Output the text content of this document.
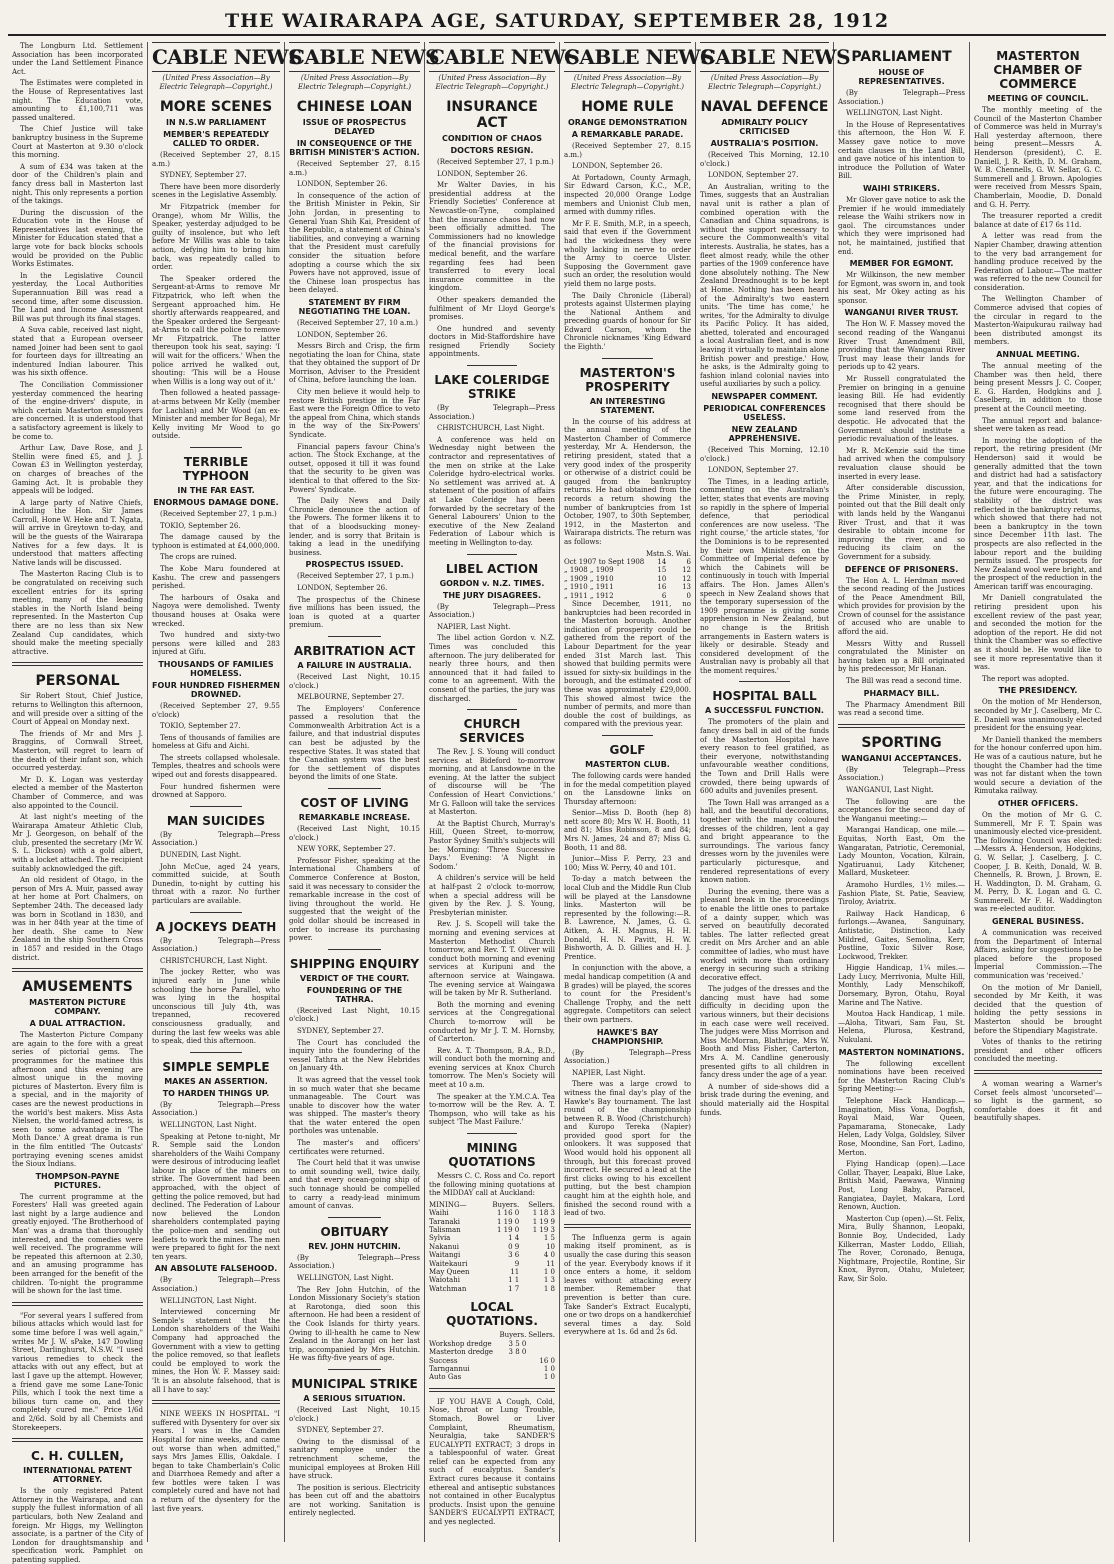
THE WAIRARAPA AGE, SATURDAY, SEPTEMBER 28, 1912

The Longburn Ltd. Settlement Association has been incorporated under the Land Settlement Finance Act.

The Estimates were completed in the House of Representatives last night. The Education vote, amounting to £1,100,711 was passed unaltered.

The Chief Justice will take bankruptcy business in the Supreme Court at Masterton at 9.30 o'clock this morning.

A sum of £34 was taken at the door of the Children's plain and fancy dress ball in Masterton last night. This only represents a portion of the takings.

During the discussion of the Education vote in the House of Representatives last evening, the Minister for Education stated that a large vote for back blocks schools would be provided on the Public Works Estimates.

In the Legislative Council yesterday, the Local Authorities Superannuation Bill was read a second time, after some discussion. The Land and Income Assessment Bill was put through its final stages.

A Suva cable, received last night, stated that a European overseer named Joiner had been sent to gaol for fourteen days for illtreating an indentured Indian labourer. This was his sixth offence.

The Conciliation Commissioner yesterday commenced the hearing of the engine-drivers' dispute, in which certain Masterton employers are concerned. It is understood that a satisfactory agreement is likely to be come to.

Arthur Law, Dave Rose, and J. Stellin were fined £5, and J. J. Cowan £3 in Wellington yesterday, on charges of breaches of the Gaming Act. It is probable they appeals will be lodged.

A large party of Native Chiefs, including the Hon. Sir James Carroll, Hone W. Heke and T. Ngata, will arrive in Greytown to-day, and will be the guests of the Wairarapa Natives for a few days. It is understood that matters affecting Native lands will be discussed.

The Masterton Racing Club is to be congratulated on receiving such excellent entries for its spring meeting, many of the leading stables in the North Island being represented. In the Masterton Cup there are no less than six New Zealand Cup candidates, which should make the meeting specially attractive.

PERSONAL

Sir Robert Stout, Chief Justice, returns to Wellington this afternoon, and will preside over a sitting of the Court of Appeal on Monday next.

The friends of Mr and Mrs J. Braggins, of Cornwall Street, Masterton, will regret to learn of the death of their infant son, which occurred yesterday.

Mr D. K. Logan was yesterday elected a member of the Masterton Chamber of Commerce, and was also appointed to the Council.

At last night's meeting of the Wairarapa Amateur Athletic Club, Mr J. Georgeson, on behalf of the club, presented the secretary (Mr W. S. L. Dickson) with a gold albert, with a locket attached. The recipient suitably acknowledged the gift.

An old resident of Otago, in the person of Mrs A. Muir, passed away at her home at Port Chalmers, on September 24th. The deceased lady was born in Scotland in 1830, and was in her 84th year at the time of her death. She came to New Zealand in the ship Southern Cross in 1857 and resided in the Otago district.

AMUSEMENTS
MASTERTON PICTURE COMPANY.
A DUAL ATTRACTION.

The Masterton Picture Company are again to the fore with a great series of pictorial gems. The programmes for the matinee this afternoon and this evening are almost unique in the moving pictures of Masterton. Every film is a special, and in the majority of cases are the newest productions in the world's best makers. Miss Asta Nielsen, the world-famed actress, is seen to some advantage in 'The Moth Dance.' A great drama is run in the film entitled 'The Outcasts' portraying evening scenes amidst the Sioux Indians.

THOMPSON-PAYNE PICTURES.

The current programme at the Foresters' Hall was greeted again last night by a large audience and greatly enjoyed. 'The Brotherhood of Man' was a drama that thoroughly interested, and the comedies were well received. The programme will be repeated this afternoon at 2.30, and an amusing programme has been arranged for the benefit of the children. To-night the programme will be shown for the last time.

"For several years I suffered from bilious attacks which would last for some time before I was well again," writes Mr J. W. sPake, 147 Dowling Street, Darlinghurst, N.S.W. "I used various remedies to check the attacks with out any effect, but at last I gave up the attempt. However, a friend gave me some Lane-Tonic Pills, which I took the next time a bilious turn came on, and they completely cured me." Price 1/6d and 2/6d. Sold by all Chemists and Storekeepers.

C. H. CULLEN,
INTERNATIONAL PATENT ATTORNEY.

Is the only registered Patent Attorney in the Wairarapa, and can supply the fullest information of all particulars, both New Zealand and foreign. Mr Higgs, my Wellington associate, is a partner of the City of London for draughtsmanship and specification work. Pamphlet on patenting supplied.

CABLE NEWS
(United Press Association—By Electric Telegraph—Copyright.)
MORE SCENES
IN N.S.W PARLIAMENT
MEMBER'S REPEATEDLY CALLED TO ORDER.

(Received September 27, 8.15 a.m.)

SYDNEY, September 27.

There have been more disorderly scenes in the Legislative Assembly.

Mr Fitzpatrick (member for Orange), whom Mr Willis, the Speaker, yesterday adjudged to be guilty of insolence, but who left before Mr Willis was able to take action, defying him to bring him back, was repeatedly called to order.

The Speaker ordered the Sergeant-at-Arms to remove Mr Fitzpatrick, who left when the Sergeant approached him. He shortly afterwards reappeared, and the Speaker ordered the Sergeant-at-Arms to call the police to remove Mr Fitzpatrick. The latter thereupon took his seat, saying: 'I will wait for the officers.' When the police arrived he walked out, shouting: 'This will be a House when Willis is a long way out of it.'

Then followed a heated passage-at-arms between Mr Kelly (member for Lachlan) and Mr Wood (an ex-Minister and member for Bega), Mr Kelly inviting Mr Wood to go outside.

TERRIBLE TYPHOON
IN THE FAR EAST.
ENORMOUS DAMAGE DONE.

(Received September 27, 1 p.m.)

TOKIO, September 26.

The damage caused by the typhoon is estimated at £4,000,000.

The crops are ruined.

The Kobe Maru foundered at Kashu. The crew and passengers perished.

The harbours of Osaka and Nagoya were demolished. Twenty thousand houses at Osaka were wrecked.

Two hundred and sixty-two persons were killed and 283 injured at Gifu.

THOUSANDS OF FAMILIES HOMELESS.
FOUR HUNDRED FISHERMEN DROWNED.

(Received September 27, 9.55 o'clock)

TOKIO, September 27.

Tens of thousands of families are homeless at Gifu and Aichi.

The streets collapsed wholesale. Temples, theatres and schools were wiped out and forests disappeared.

Four hundred fishermen were drowned at Sapporo.

MAN SUICIDES

(By Telegraph—Press Association.)

DUNEDIN, Last Night.

John McCue, aged 24 years, committed suicide, at South Dunedin, to-night by cutting his throat with a razor. No further particulars are available.

A JOCKEYS DEATH

(By Telegraph—Press Association.)

CHRISTCHURCH, Last Night.

The jockey Retter, who was injured early in June while schooling the horse Parallel, who was lying in the hospital unconscious till July 4th, was trepanned, recovered consciousness gradually, and during the last few weeks was able to speak, died this afternoon.

SIMPLE SEMPLE
MAKES AN ASSERTION.
TO HARDEN THINGS UP.

(By Telegraph—Press Association.)

WELLINGTON, Last Night.

Speaking at Petone to-night, Mr R. Semple said the London shareholders of the Waihi Company were desirous of introducing leaflet labour in place of the miners on strike. The Government had been approached, with the object of getting the police removed, but had declined. The Federation of Labour now believed the London shareholders contemplated paying the police-men and sending out leaflets to work the mines. The men were prepared to fight for the next ten years.

AN ABSOLUTE FALSEHOOD.

(By Telegraph—Press Association.)

WELLINGTON, Last Night.

Interviewed concerning Mr Semple's statement that the London shareholders of the Waihi Company had approached the Government with a view to getting the police removed, so that leaflets could be employed to work the mines, the Hon W. F. Massey said: 'It is an absolute falsehood, that is all I have to say.'

NINE WEEKS IN HOSPITAL. "I suffered with Dysentery for over six years. I was in the Camden Hospital for nine weeks, and came out worse than when admitted," says Mrs James Ellis, Oakdale. I began to take Chamberlain's Colic and Diarrhoea Remedy and after a few bottles were taken I was completely cured and have not had a return of the dysentery for the last five years.

CABLE NEWS
(United Press Association—By Electric Telegraph—Copyright.)
CHINESE LOAN
ISSUE OF PROSPECTUS DELAYED
IN CONSEQUENCE OF THE BRITISH MINISTER'S ACTION.

(Received September 27, 8.15 a.m.)

LONDON, September 26.

In consequence of the action of the British Minister in Pekin, Sir John Jordan, in presenting to General Yuan Shih Kai, President of the Republic, a statement of China's liabilities, and conveying a warning that the President must carefully consider the situation before adopting a course which the six Powers have not approved, issue of the Chinese loan prospectus has been delayed.

STATEMENT BY FIRM NEGOTIATING THE LOAN.

(Received September 27, 10 a.m.)

LONDON, September 26.

Messrs Birch and Crisp, the firm negotiating the loan for China, state that they obtained the support of Dr Morrison, Adviser to the President of China, before launching the loan.

City men believe it would help to restore British prestige in the Far East were the Foreign Office to veto the appeal from China, which stands in the way of the Six-Powers' Syndicate.

Financial papers favour China's action. The Stock Exchange, at the outset, opposed it till it was found that the security to be given was identical to that offered to the Six-Powers' Syndicate.

The Daily News and Daily Chronicle denounce the action of the Powers. The former likens it to that of a bloodsucking money-lender, and is sorry that Britain is taking a lead in the unedifying business.

PROSPECTUS ISSUED.

(Received September 27, 1 p.m.)

LONDON, September 26.

The prospectus of the Chinese five millions has been issued, the loan is quoted at a quarter premium.

ARBITRATION ACT
A FAILURE IN AUSTRALIA.

(Received Last Night, 10.15 o'clock.)

MELBOURNE, September 27.

The Employers' Conference passed a resolution that the Commonwealth Arbitration Act is a failure, and that industrial disputes can best be adjusted by the respective States. It was stated that the Canadian system was the best for the settlement of disputes beyond the limits of one State.

COST OF LIVING
REMARKABLE INCREASE.

(Received Last Night, 10.15 o'clock.)

NEW YORK, September 27.

Professor Fisher, speaking at the International Chambers of Commerce Conference at Boston, said it was necessary to consider the remarkable increase in the cost of living throughout the world. He suggested that the weight of the gold dollar should be increased in order to increase its purchasing power.

SHIPPING ENQUIRY
VERDICT OF THE COURT.
FOUNDERING OF THE TATHRA.

(Received Last Night, 10.15 o'clock.)

SYDNEY, September 27.

The Court has concluded the inquiry into the foundering of the vessel Tathra at the New Hebrides on January 4th.

It was agreed that the vessel took in so much water that she became unmanageable. The Court was unable to discover how the water was shipped. The master's theory that the water entered the open portholes was untenable.

The master's and officers' certificates were returned.

The Court held that it was unwise to omit sounding well, twice daily, and that every ocean-going ship of such tonnage should be compelled to carry a ready-lead minimum amount of canvas.

OBITUARY
REV. JOHN HUTCHIN.

(By Telegraph—Press Association.)

WELLINGTON, Last Night.

The Rev John Hutchin, of the London Missionary Society's station at Rarotonga, died soon this afternoon. He had been a resident of the Cook Islands for thirty years. Owing to ill-health he came to New Zealand in the Aorangi on her last trip, accompanied by Mrs Hutchin. He was fifty-five years of age.

MUNICIPAL STRIKE
A SERIOUS SITUATION.

(Received Last Night, 10.15 o'clock.)

SYDNEY, September 27.

Owing to the dismissal of a sanitary employee under the retrenchment scheme, the municipal employees at Broken Hill have struck.

The position is serious. Electricity has been cut off and the abattoirs are not working. Sanitation is entirely neglected.

CABLE NEWS
(United Press Association—By Electric Telegraph—Copyright.)
INSURANCE ACT
CONDITION OF CHAOS
DOCTORS RESIGN.

(Received September 27, 1 p.m.)

LONDON, September 26.

Mr Walter Davies, in his presidential address at the Friendly Societies' Conference at Newcastle-on-Tyne, complained that the insurance chaos had now been officially admitted. The Commissioners had no knowledge of the financial provisions for medical benefit, and the warfare regarding fees had been transferred to every local insurance committee in the kingdom.

Other speakers demanded the fulfilment of Mr Lloyd George's promises.

One hundred and seventy doctors in Mid-Staffordshire have resigned Friendly Society appointments.

LAKE COLERIDGE STRIKE

(By Telegraph—Press Association.)

CHRISTCHURCH, Last Night.

A conference was held on Wednesday night between the contractor and representatives of the men on strike at the Lake Coleridge hydro-electrical works. No settlement was arrived at. A statement of the position of affairs at Lake Coleridge has been forwarded by the secretary of the General Labourers' Union to the executive of the New Zealand Federation of Labour which is meeting in Wellington to-day.

LIBEL ACTION
GORDON v. N.Z. TIMES.
THE JURY DISAGREES.

(By Telegraph—Press Association.)

NAPIER, Last Night.

The libel action Gordon v. N.Z. Times was concluded this afternoon. The jury deliberated for nearly three hours, and then announced that it had failed to come to an agreement. With the consent of the parties, the jury was discharged.

CHURCH SERVICES

The Rev. J. S. Young will conduct services at Bideford to-morrow morning, and at Lansdowne in the evening. At the latter the subject of discourse will be 'The Confession of Heart Convictions.' Mr G. Falloon will take the services at Masterton.

At the Baptist Church, Murray's Hill, Queen Street, to-morrow, Pastor Sydney Smith's subjects will be: Morning: 'Three Successive Days.' Evening: 'A Night in Sodom.'

A children's service will be held at half-past 2 o'clock to-morrow, when a special address will be given by the Rev. J. S. Young, Presbyterian minister.

Rev. J. S. Scopell will take the morning and evening services at Masterton Methodist Church tomorrow, and Rev. T. T. Oliver will conduct both morning and evening services at Kuripuni and the afternoon service at Waingawa. The evening service at Waingawa will be taken by Mr R. Sutherland.

Both the morning and evening services at the Congregational Church to-morrow will be conducted by Mr J. T. M. Hornsby, of Carterton.

Rev. A. T. Thompson, B.A., B.D., will conduct both the morning and evening services at Knox Church tomorrow. The Men's Society will meet at 10 a.m.

The speaker at the Y.M.C.A. Tea to-morrow will be the Rev. A. T. Thompson, who will take as his subject 'The Mast Failure.'

MINING QUOTATIONS

Messrs C. C. Ross and Co. report the following mining quotations at the MIDDAY call at Auckland:

MINING—	Buyers.	Sellers.
Waihi	1 16 0	1 18 3
Taranaki	1 19 0	1 19 9
Talisman	1 19 0	1 19 3
Sylvia	1 4	1 5
Nakanui	0 9	10
Waitangi	3 6	4 0
Waitekauri	9	11
May Queen	11	1 0
Waiotahi	1 1	1 3
Watchman	1 7	1 8
LOCAL QUOTATIONS.
	Buyers.	Sellers.
Workshop dredge	3 5 0	
Masterton dredge	3 8 0	
Success		16 0
Tarngannui		1 0
Auto Gas		1 0

IF YOU HAVE A Cough, Cold, Nose, throat or Lung Trouble, Stomach, Bowel or Liver Complaint, Rheumatism, Neuralgia, take SANDER'S EUCALYPTI EXTRACT; 3 drops in a tablespoonful of water. Great relief can be expected from any such of eucalyptus. Sander's Extract cures because it contains ethereal and antiseptic substances not contained in other Eucalyptus products. Insist upon the genuine SANDER'S EUCALYPTI EXTRACT, and yes neglected.

CABLE NEWS
(United Press Association—By Electric Telegraph—Copyright.)
HOME RULE
ORANGE DEMONSTRATION
A REMARKABLE PARADE.

(Received September 27, 8.15 a.m.)

LONDON, September 26.

At Portadown, County Armagh, Sir Edward Carson, K.C., M.P., inspected 20,000 Orange Lodge members and Unionist Club men, armed with dummy rifles.

Mr F. E. Smith, M.P., in a speech, said that even if the Government had the wickedness they were wholly lacking in nerve to order the Army to coerce Ulster. Supposing the Government gave such an order, the resolution would yield them no large posts.

The Daily Chronicle (Liberal) protests against Ulstermen playing the National Anthem and preceding guards of honour for Sir Edward Carson, whom the Chronicle nicknames 'King Edward the Eighth.'

MASTERTON'S PROSPERITY
AN INTERESTING STATEMENT.

In the course of his address at the annual meeting of the Masterton Chamber of Commerce yesterday, Mr A. Henderson, the retiring president, stated that a very good index of the prosperity or otherwise of a district could be gauged from the bankruptcy returns. He had obtained from the records a return showing the number of bankruptcies from 1st October, 1907, to 30th September, 1912, in the Masterton and Wairarapa districts. The return was as follows:

	Mstn.	S. Wai.
Oct 1907 to Sept 1908	14	6
„ 1908 „ 1909	15	12
„ 1909 „ 1910	10	12
„ 1910 „ 1911	16	13
„ 1911 „ 1912	6	0

Since December, 1911, no bankruptcies had been recorded in the Masterton borough. Another indication of prosperity could be gathered from the report of the Labour Department for the year ended 31st March last. This showed that building permits were issued for sixty-six buildings in the borough, and the estimated cost of these was approximately £29,000. This showed almost twice the number of permits, and more than double the cost of buildings, as compared with the previous year.

GOLF
MASTERTON CLUB.

The following cards were handed in for the medal competition played on the Lansdowne links on Thursday afternoon:

Senior—Miss D. Booth (hep 8) nett score 80; Mrs W. H. Booth, 11 and 81; Miss Robinson, 8 and 84; Mrs N. James, 24 and 87; Miss G. Booth, 11 and 88.

Junior—Miss F. Perry, 23 and 100; Miss W. Perry, 40 and 101.

To-day a match between the local Club and the Middle Run Club will be played at the Lansdowne links. Masterton will be represented by the following:—R. B. Lawrence, N. James, G. G. Aitken, A. H. Magnus, H. H. Donald, H. N. Pavitt, H. W. Bishworth, A. D. Gillies and H. J. Prentice.

In conjunction with the above, a medal handicap competition (A and B grades) will be played, the scores to count for the President's Challenge Trophy, and the nett aggregate. Competitors can select their own partners.

HAWKE'S BAY CHAMPIONSHIP.

(By Telegraph—Press Association.)

NAPIER, Last Night.

There was a large crowd to witness the final day's play of the Hawke's Bay tournament. The last round of the championship between R. B. Wood (Christchurch) and Kuropo Tereka (Napier) provided good sport for the onlookers. It was supposed that Wood would hold his opponent all through, but this forecast proved incorrect. He secured a lead at the first clicks owing to his excellent putting, but the best champion caught him at the eighth hole, and finished the second round with a lead of two.

The Influenza germ is again making itself prominent, as is usually the case during this season of the year. Everybody knows if it once enters a home, it seldom leaves without attacking every member. Remember that prevention is better than cure. Take Sander's Extract Eucalypti, one or two drops on a handkerchief several times a day. Sold everywhere at 1s. 6d and 2s 6d.

CABLE NEWS
(United Press Association—By Electric Telegraph—Copyright.)
NAVAL DEFENCE
ADMIRALTY POLICY CRITICISED
AUSTRALIA'S POSITION.

(Received This Morning, 12.10 o'clock.)

LONDON, September 27.

An Australian, writing to the Times, suggests that an Australian naval unit is rather a plan of combined operation with the Canadian and China squadrons, is without the support necessary to secure the Commonwealth's vital interests. Australia, he states, has a fleet almost ready, while the other parties of the 1909 conference have done absolutely nothing. The New Zealand Dreadnought is to be kept at Home. Nothing has been heard of the Admiralty's two eastern units. 'The time has come,' he writes, 'for the Admiralty to divulge its Pacific Policy. It has aided, abetted, tolerated and encouraged a local Australian fleet, and is now leaving it virtually to maintain alone British power and prestige.' How, he asks, is the Admiralty going to fashion inland colonial navies into useful auxiliaries by such a policy.

NEWSPAPER COMMENT.
PERIODICAL CONFERENCES USELESS.
NEW ZEALAND APPREHENSIVE.

(Received This Morning, 12.10 o'clock.)

LONDON, September 27.

The Times, in a leading article, commenting on the Australian's letter, states that events are moving so rapidly in the sphere of Imperial defence, that periodical conferences are now useless. 'The right course,' the article states, 'for the Dominions is to be represented by their own Ministers on the Committee of Imperial defence by which the Cabinets will be continuously in touch with Imperial affairs. The Hon. James Allen's speech in New Zealand shows that the temporary supersession of the 1909 programme is giving some apprehension in New Zealand, but no change is the British arrangements in Eastern waters is likely or desirable. Steady and considered development of the Australian navy is probably all that the moment requires.'

HOSPITAL BALL
A SUCCESSFUL FUNCTION.

The promoters of the plain and fancy dress ball in aid of the funds of the Masterton Hospital have every reason to feel gratified, as their everyone, notwithstanding unfavourable weather conditions, the Town and Drill Halls were crowded, there being upwards of 600 adults and juveniles present.

The Town Hall was arranged as a hall, and the beautiful decorations, together with the many coloured dresses of the children, lent a gay and bright appearance to the surroundings. The various fancy dresses worn by the juveniles were particularly picturesque, and rendered representations of every known nation.

During the evening, there was a pleasant break in the proceedings to enable the little ones to partake of a dainty supper, which was served on beautifully decorated tables. The latter reflected great credit on Mrs Archer and an able committee of ladies, who must have worked with more than ordinary energy in securing such a striking decorative effect.

The judges of the dresses and the dancing must have had some difficulty in deciding upon the various winners, but their decisions in each case were well received. The judges were Miss Morrison and Miss McMorran, Blathrige, Mrs W. Booth and Miss Fisher, Carterton, Mrs A. M. Candline generously presented gifts to all children in fancy dress under the age of a year.

A number of side-shows did a brisk trade during the evening, and should materially aid the Hospital funds.

PARLIAMENT
HOUSE OF REPRESENTATIVES.

(By Telegraph—Press Association.)

WELLINGTON, Last Night.

In the House of Representatives this afternoon, the Hon W. F. Massey gave notice to move certain clauses in the Land Bill, and gave notice of his intention to introduce the Pollution of Water Bill.

WAIHI STRIKERS.

Mr Glover gave notice to ask the Premier if he would immediately release the Waihi strikers now in gaol. The circumstances under which they were imprisoned had not, he maintained, justified that end.

MEMBER FOR EGMONT.

Mr Wilkinson, the new member for Egmont, was sworn in, and took his seat, Mr Okey acting as his sponsor.

WANGANUI RIVER TRUST.

The Hon W. F. Massey moved the second reading of the Wanganui River Trust Amendment Bill, providing that the Wanganui River Trust may lease their lands for periods up to 42 years.

Mr Russell congratulated the Premier on bringing in a genuine leasing Bill. He had evidently recognised that there should be some land reserved from the despotic. He advocated that the Government should institute a periodic revaluation of the leases.

Mr R. McKenzie said the time had arrived when the compulsory revaluation clause should be inserted in every lease.

After considerable discussion, the Prime Minister, in reply, pointed out that the Bill dealt only with lands held by the Wanganui River Trust, and that it was desirable to obtain income for improving the river, and so reducing its claim on the Government for a subsidy.

DEFENCE OF PRISONERS.

The Hon A. L. Herdman moved the second reading of the Justices of the Peace Amendment Bill, which provides for provision by the Crown of counsel for the assistance of accused who are unable to afford the aid.

Messrs Witty and Russell congratulated the Minister on having taken up a Bill originated by his predecessor, Mr Hanan.

The Bill was read a second time.

PHARMACY BILL.

The Pharmacy Amendment Bill was read a second time.

SPORTING
WANGANUI ACCEPTANCES.

(By Telegraph—Press Association.)

WANGANUI, Last Night.

The following are the acceptances for the second day of the Wanganui meeting:—

Marangai Handicap, one mile.—Equitas, North East, Om the Wangaratan, Patriotic, Ceremonial, Lady Mounton, Vocation, Kilrain, Ngatiruanui, Lady Kitchener, Mallard, Musketeer.

Aramoho Hurdles, 1½ miles.—Fashion Plate, St. Patie, Seaview, Tiroloy, Aviatrix.

Railway Hack Handicap, 6 furlongs.—Awanea, Sanguinary, Antistatic, Distinction, Lady Mildred, Gaites, Semolina, Kerr, Postline, Toxic Silver Rose, Lockwood, Trekker.

Higgie Handicap, 1¼ miles.—Lady Lucy, Merrivonia, Multe Hill, Monthly, Lady Menschikoff, Dorsemary, Byron, Otahu, Royal Marine and The Native.

Moutoa Hack Handicap, 1 mile.—Aloha, Titwari, Sam Fau, St. Helena, Plurosa, Kestrand, Nukulani.

MASTERTON NOMINATIONS.

The following excellent nominations have been received for the Masterton Racing Club's Spring Meeting:—

Telephone Hack Handicap.—Imagination, Miss Vona, Dogfish, Royal Maid, War Queen, Papamarama, Stonecake, Lady Helen, Lady Volga, Goldsley, Silver Rose, Moondine, San Fort, Ladino, Merton.

Flying Handicap (open).—Lace Collar, Thayer, Leapaki, Blue Lake, British Maid, Paewawa, Winning Post, Long Baby, Paracel, Rangiatea, Daylet, Makara, Lord Renown, Auction.

Masterton Cup (open).—St. Felix, Mira, Bully Shannon, Leopaki, Bonnie Boy, Undecided, Lady Kilkerran, Master Loddo, Elliah, The Rover, Coronado, Benuga, Nightmare, Projectile, Rontine, Sir Knox, Byron, Otahu, Muleteer, Raw, Sir Solo.

MASTERTON CHAMBER OF COMMERCE
MEETING OF COUNCIL.

The monthly meeting of the Council of the Masterton Chamber of Commerce was held in Murray's Hall yesterday afternoon, there being present—Messrs A. Henderson (president), C. E. Daniell, J. R. Keith, D. M. Graham, W. B. Chennells, G. W. Sellar, G. C. Summerell and J. Brown. Apologies were received from Messrs Spain, Chamberlain, Moodie, D. Donald and G. H. Perry.

The treasurer reported a credit balance at date of £17 6s 11d.

A letter was read from the Napier Chamber, drawing attention to the very bad arrangement for handling produce received by the Federation of Labour.—The matter was referred to the new Council for consideration.

The Wellington Chamber of Commerce advised that copies of the circular in regard to the Masterton-Waipukurau railway had been distributed amongst its members.

ANNUAL MEETING.

The annual meeting of the Chamber was then held, there being present Messrs J. C. Cooper, E. G. Harden, Hodgkins and J. Caselberg, in addition to those present at the Council meeting.

The annual report and balance-sheet were taken as read.

In moving the adoption of the report, the retiring president (Mr Henderson) said it would be generally admitted that the town and district had had a satisfactory year, and that the indications for the future were encouraging. The stability of the district was reflected in the bankruptcy returns, which showed that there had not been a bankruptcy in the town since December 11th last. The prospects are also reflected in the labour report and the building permits issued. The prospects for New Zealand wool were bright, and the prospect of the reduction in the American tariff was encouraging.

Mr Daniell congratulated the retiring president upon his excellent review of the past year, and seconded the motion for the adoption of the report. He did not think the Chamber was so effective as it should be. He would like to see it more representative than it was.

The report was adopted.

THE PRESIDENCY.

On the motion of Mr Henderson, seconded by Mr J. Caselberg, Mr C. E. Daniell was unanimously elected president for the ensuing year.

Mr Daniell thanked the members for the honour conferred upon him. He was of a cautious nature, but he thought the Chamber had the time was not far distant when the town would secure a deviation of the Rimutaka railway.

OTHER OFFICERS.

On the motion of Mr G. C. Summerell, Mr F. T. Spain was unanimously elected vice-president. The following Council was elected:—Messrs A. Henderson, Hodgkins, G. W. Sellar, J. Caselberg, J. C. Cooper, J. B. Keith, Donald, W. B. Chennells, R. Brown, J. Brown, E. H. Waddington, D. M. Graham, G. M. Perry, D. K. Logan and G. C. Summerell. Mr F. H. Waddington was re-elected auditor.

GENERAL BUSINESS.

A communication was received from the Department of Internal Affairs, asking for suggestions to be placed before the proposed Imperial Commission.—The communication was 'received.'

On the motion of Mr Daniell, seconded by Mr Keith, it was decided that the question of holding the petty sessions in Masterton should be brought before the Stipendiary Magistrate.

Votes of thanks to the retiring president and other officers concluded the meeting.

A woman wearing a Warner's Corset feels almost 'uncorseted'—so light is the garment, so comfortable does it fit and beautifully shapes.
